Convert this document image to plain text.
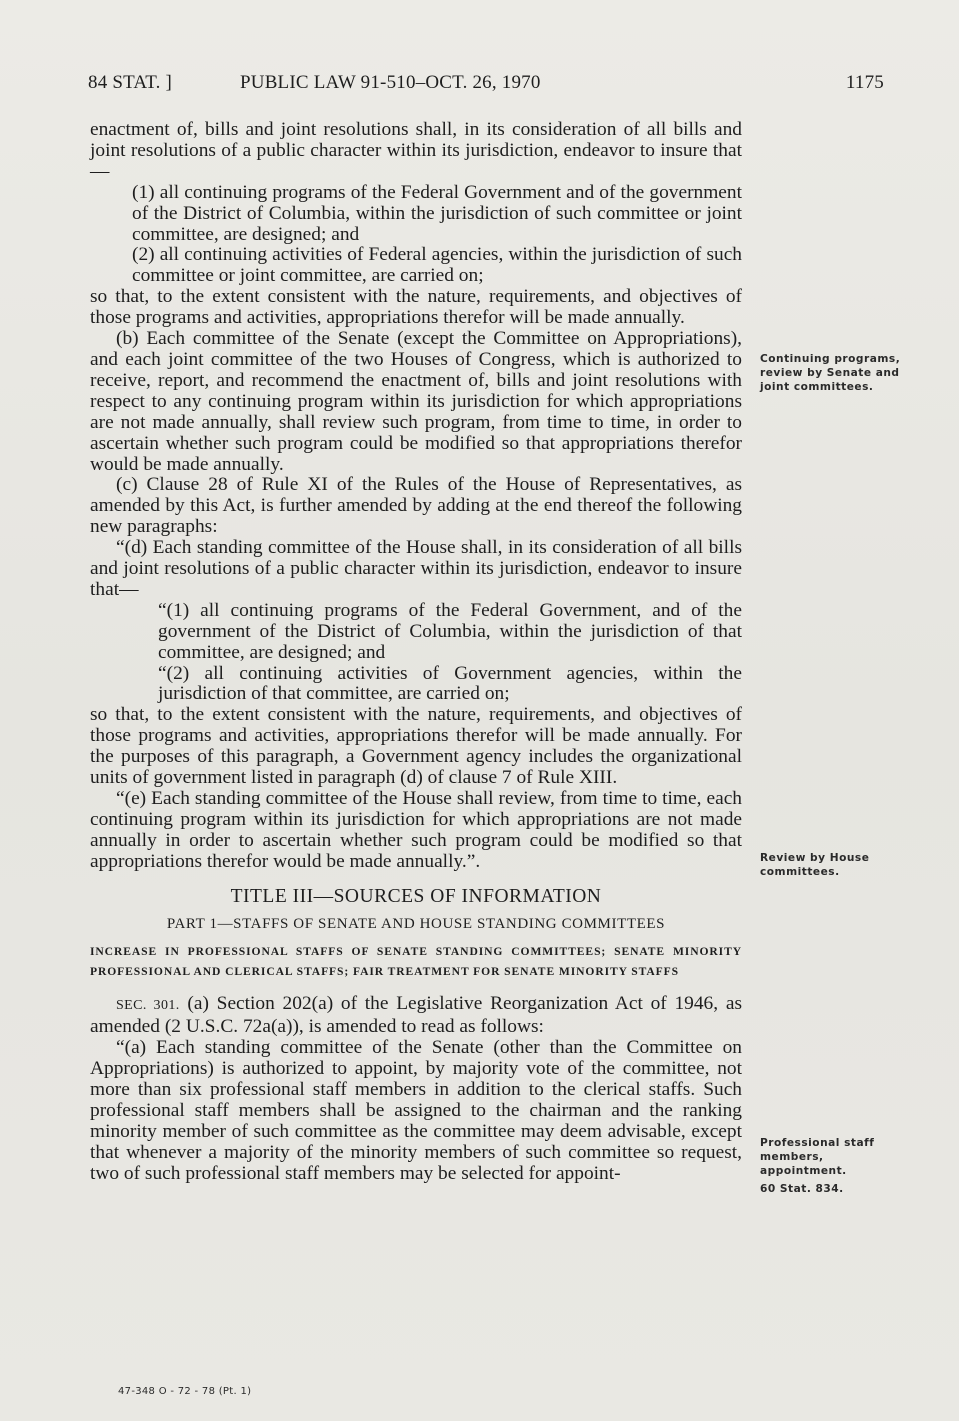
84 STAT. ]	PUBLIC LAW 91-510–OCT. 26, 1970	1175

enactment of, bills and joint resolutions shall, in its consideration of all bills and joint resolutions of a public character within its jurisdiction, endeavor to insure that—

(1) all continuing programs of the Federal Government and of the government of the District of Columbia, within the jurisdiction of such committee or joint committee, are designed; and

(2) all continuing activities of Federal agencies, within the jurisdiction of such committee or joint committee, are carried on;

so that, to the extent consistent with the nature, requirements, and objectives of those programs and activities, appropriations therefor will be made annually.

(b) Each committee of the Senate (except the Committee on Appropriations), and each joint committee of the two Houses of Congress, which is authorized to receive, report, and recommend the enactment of, bills and joint resolutions with respect to any continuing program within its jurisdiction for which appropriations are not made annually, shall review such program, from time to time, in order to ascertain whether such program could be modified so that appropriations therefor would be made annually.

(c) Clause 28 of Rule XI of the Rules of the House of Representatives, as amended by this Act, is further amended by adding at the end thereof the following new paragraphs:

“(d) Each standing committee of the House shall, in its consideration of all bills and joint resolutions of a public character within its jurisdiction, endeavor to insure that—

“(1) all continuing programs of the Federal Government, and of the government of the District of Columbia, within the jurisdiction of that committee, are designed; and

“(2) all continuing activities of Government agencies, within the jurisdiction of that committee, are carried on;

so that, to the extent consistent with the nature, requirements, and objectives of those programs and activities, appropriations therefor will be made annually. For the purposes of this paragraph, a Government agency includes the organizational units of government listed in paragraph (d) of clause 7 of Rule XIII.

“(e) Each standing committee of the House shall review, from time to time, each continuing program within its jurisdiction for which appropriations are not made annually in order to ascertain whether such program could be modified so that appropriations therefor would be made annually.”.

TITLE III—SOURCES OF INFORMATION

PART 1—STAFFS OF SENATE AND HOUSE STANDING COMMITTEES

INCREASE IN PROFESSIONAL STAFFS OF SENATE STANDING COMMITTEES; SENATE MINORITY PROFESSIONAL AND CLERICAL STAFFS; FAIR TREATMENT FOR SENATE MINORITY STAFFS

SEC. 301. (a) Section 202(a) of the Legislative Reorganization Act of 1946, as amended (2 U.S.C. 72a(a)), is amended to read as follows:

“(a) Each standing committee of the Senate (other than the Committee on Appropriations) is authorized to appoint, by majority vote of the committee, not more than six professional staff members in addition to the clerical staffs. Such professional staff members shall be assigned to the chairman and the ranking minority member of such committee as the committee may deem advisable, except that whenever a majority of the minority members of such committee so request, two of such professional staff members may be selected for appoint-

Continuing programs, review by Senate and joint committees.
Review by House committees.
Professional staff members, appointment.
60 Stat. 834.
47-348 O - 72 - 78 (Pt. 1)
